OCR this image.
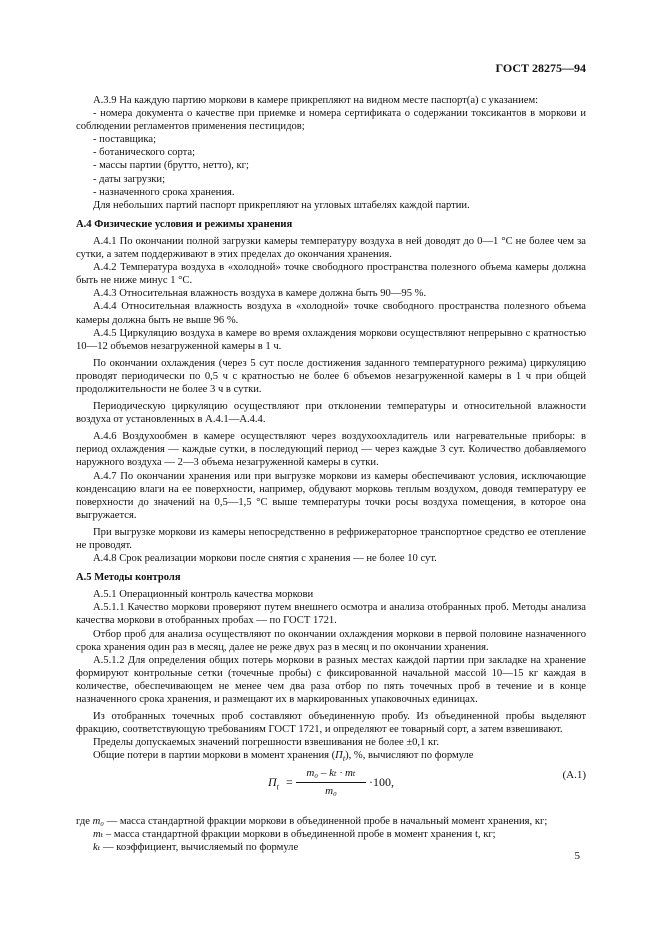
ГОСТ 28275—94

А.3.9 На каждую партию моркови в камере прикрепляют на видном месте паспорт(а) с указанием:

- номера документа о качестве при приемке и номера сертификата о содержании токсикантов в моркови и соблюдении регламентов применения пестицидов;

- поставщика;

- ботанического сорта;

- массы партии (брутто, нетто), кг;

- даты загрузки;

- назначенного срока хранения.

Для небольших партий паспорт прикрепляют на угловых штабелях каждой партии.

А.4 Физические условия и режимы хранения

А.4.1 По окончании полной загрузки камеры температуру воздуха в ней доводят до 0—1 °С не более чем за сутки, а затем поддерживают в этих пределах до окончания хранения.

А.4.2 Температура воздуха в «холодной» точке свободного пространства полезного объема камеры должна быть не ниже минус 1 °С.

А.4.3 Относительная влажность воздуха в камере должна быть 90—95 %.

А.4.4 Относительная влажность воздуха в «холодной» точке свободного пространства полезного объема камеры должна быть не выше 96 %.

А.4.5 Циркуляцию воздуха в камере во время охлаждения моркови осуществляют непрерывно с кратностью 10—12 объемов незагруженной камеры в 1 ч.

По окончании охлаждения (через 5 сут после достижения заданного температурного режима) циркуляцию проводят периодически по 0,5 ч с кратностью не более 6 объемов незагруженной камеры в 1 ч при общей продолжительности не более 3 ч в сутки.

Периодическую циркуляцию осуществляют при отклонении температуры и относительной влажности воздуха от установленных в А.4.1—А.4.4.

А.4.6 Воздухообмен в камере осуществляют через воздухоохладитель или нагревательные приборы: в период охлаждения — каждые сутки, в последующий период — через каждые 3 сут. Количество добавляемого наружного воздуха — 2—3 объема незагруженной камеры в сутки.

А.4.7 По окончании хранения или при выгрузке моркови из камеры обеспечивают условия, исключающие конденсацию влаги на ее поверхности, например, обдувают морковь теплым воздухом, доводя температуру ее поверхности до значений на 0,5—1,5 °С выше температуры точки росы воздуха помещения, в которое она выгружается.

При выгрузке моркови из камеры непосредственно в рефрижераторное транспортное средство ее отепление не проводят.

А.4.8 Срок реализации моркови после снятия с хранения — не более 10 сут.

А.5 Методы контроля

А.5.1 Операционный контроль качества моркови

А.5.1.1 Качество моркови проверяют путем внешнего осмотра и анализа отобранных проб. Методы анализа качества моркови в отобранных пробах — по ГОСТ 1721.

Отбор проб для анализа осуществляют по окончании охлаждения моркови в первой половине назначенного срока хранения один раз в месяц, далее не реже двух раз в месяц и по окончании хранения.

А.5.1.2 Для определения общих потерь моркови в разных местах каждой партии при закладке на хранение формируют контрольные сетки (точечные пробы) с фиксированной начальной массой 10—15 кг каждая в количестве, обеспечивающем не менее чем два раза отбор по пять точечных проб в течение и в конце назначенного срока хранения, и размещают их в маркированных упаковочных единицах.

Из отобранных точечных проб составляют объединенную пробу. Из объединенной пробы выделяют фракцию, соответствующую требованиям ГОСТ 1721, и определяют ее товарный сорт, а затем взвешивают.

Пределы допускаемых значений погрешности взвешивания не более ±0,1 кг.

Общие потери в партии моркови в момент хранения $(П_t)$, %, вычисляют по формуле

$П_t = \frac{\text{m₀ – kₜ · mₜ}}{\text{m₀}} \cdot 100$,	(А.1)

где m₀ — масса стандартной фракции моркови в объединенной пробе в начальный момент хранения, кг;

mₜ – масса стандартной фракции моркови в объединенной пробе в момент хранения t, кг;

kₜ — коэффициент, вычисляемый по формуле

5
